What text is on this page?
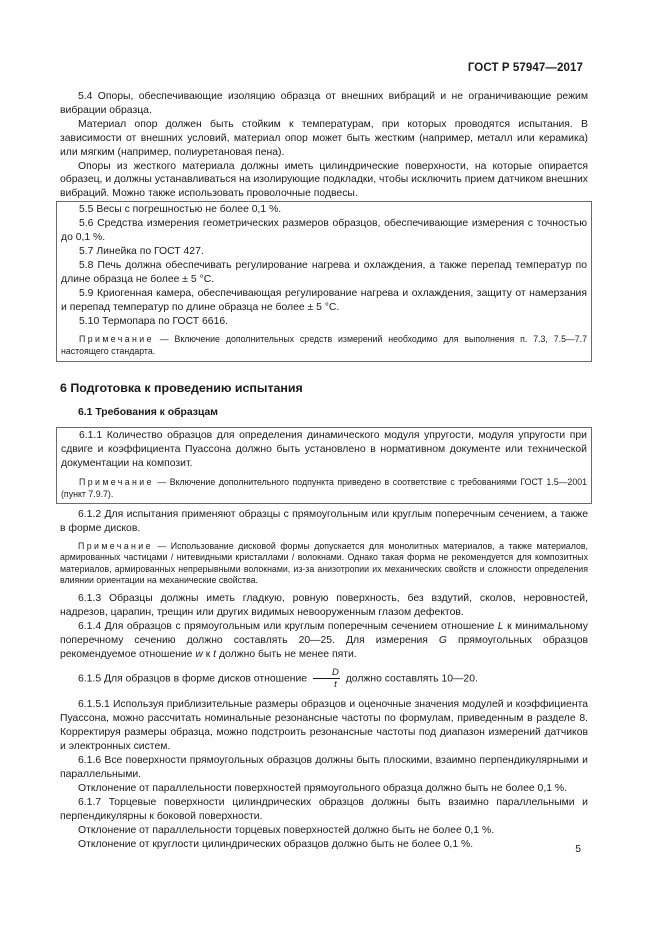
ГОСТ Р 57947—2017

5.4 Опоры, обеспечивающие изоляцию образца от внешних вибраций и не ограничивающие режим вибрации образца.

Материал опор должен быть стойким к температурам, при которых проводятся испытания. В зависимости от внешних условий, материал опор может быть жестким (например, металл или керамика) или мягким (например, полиуретановая пена).

Опоры из жесткого материала должны иметь цилиндрические поверхности, на которые опирается образец, и должны устанавливаться на изолирующие подкладки, чтобы исключить прием датчиком внешних вибраций. Можно также использовать проволочные подвесы.

5.5 Весы с погрешностью не более 0,1 %.

5.6 Средства измерения геометрических размеров образцов, обеспечивающие измерения с точностью до 0,1 %.

5.7 Линейка по ГОСТ 427.

5.8 Печь должна обеспечивать регулирование нагрева и охлаждения, а также перепад температур по длине образца не более ± 5 °C.

5.9 Криогенная камера, обеспечивающая регулирование нагрева и охлаждения, защиту от намерзания и перепад температур по длине образца не более ± 5 °C.

5.10 Термопара по ГОСТ 6616.

Примечание — Включение дополнительных средств измерений необходимо для выполнения п. 7.3, 7.5—7.7 настоящего стандарта.

6 Подготовка к проведению испытания
6.1 Требования к образцам

6.1.1 Количество образцов для определения динамического модуля упругости, модуля упругости при сдвиге и коэффициента Пуассона должно быть установлено в нормативном документе или технической документации на композит.

Примечание — Включение дополнительного подпункта приведено в соответствие с требованиями ГОСТ 1.5—2001 (пункт 7.9.7).

6.1.2 Для испытания применяют образцы с прямоугольным или круглым поперечным сечением, а также в форме дисков.

Примечание — Использование дисковой формы допускается для монолитных материалов, а также материалов, армированных частицами / нитевидными кристаллами / волокнами. Однако такая форма не рекомендуется для композитных материалов, армированных непрерывными волокнами, из-за анизотропии их механических свойств и сложности определения влиянии ориентации на механические свойства.

6.1.3 Образцы должны иметь гладкую, ровную поверхность, без вздутий, сколов, неровностей, надрезов, царапин, трещин или других видимых невооруженным глазом дефектов.

6.1.4 Для образцов с прямоугольным или круглым поперечным сечением отношение L к минимальному поперечному сечению должно составлять 20—25. Для измерения G прямоугольных образцов рекомендуемое отношение w к t должно быть не менее пяти.

6.1.5 Для образцов в форме дисков отношение $\frac{D}{t}$ должно составлять 10—20.

6.1.5.1 Используя приблизительные размеры образцов и оценочные значения модулей и коэффициента Пуассона, можно рассчитать номинальные резонансные частоты по формулам, приведенным в разделе 8. Корректируя размеры образца, можно подстроить резонансные частоты под диапазон измерений датчиков и электронных систем.

6.1.6 Все поверхности прямоугольных образцов должны быть плоскими, взаимно перпендикулярными и параллельными.

Отклонение от параллельности поверхностей прямоугольного образца должно быть не более 0,1 %.

6.1.7 Торцевые поверхности цилиндрических образцов должны быть взаимно параллельными и перпендикулярны к боковой поверхности.

Отклонение от параллельности торцевых поверхностей должно быть не более 0,1 %.

Отклонение от круглости цилиндрических образцов должно быть не более 0,1 %.	5
